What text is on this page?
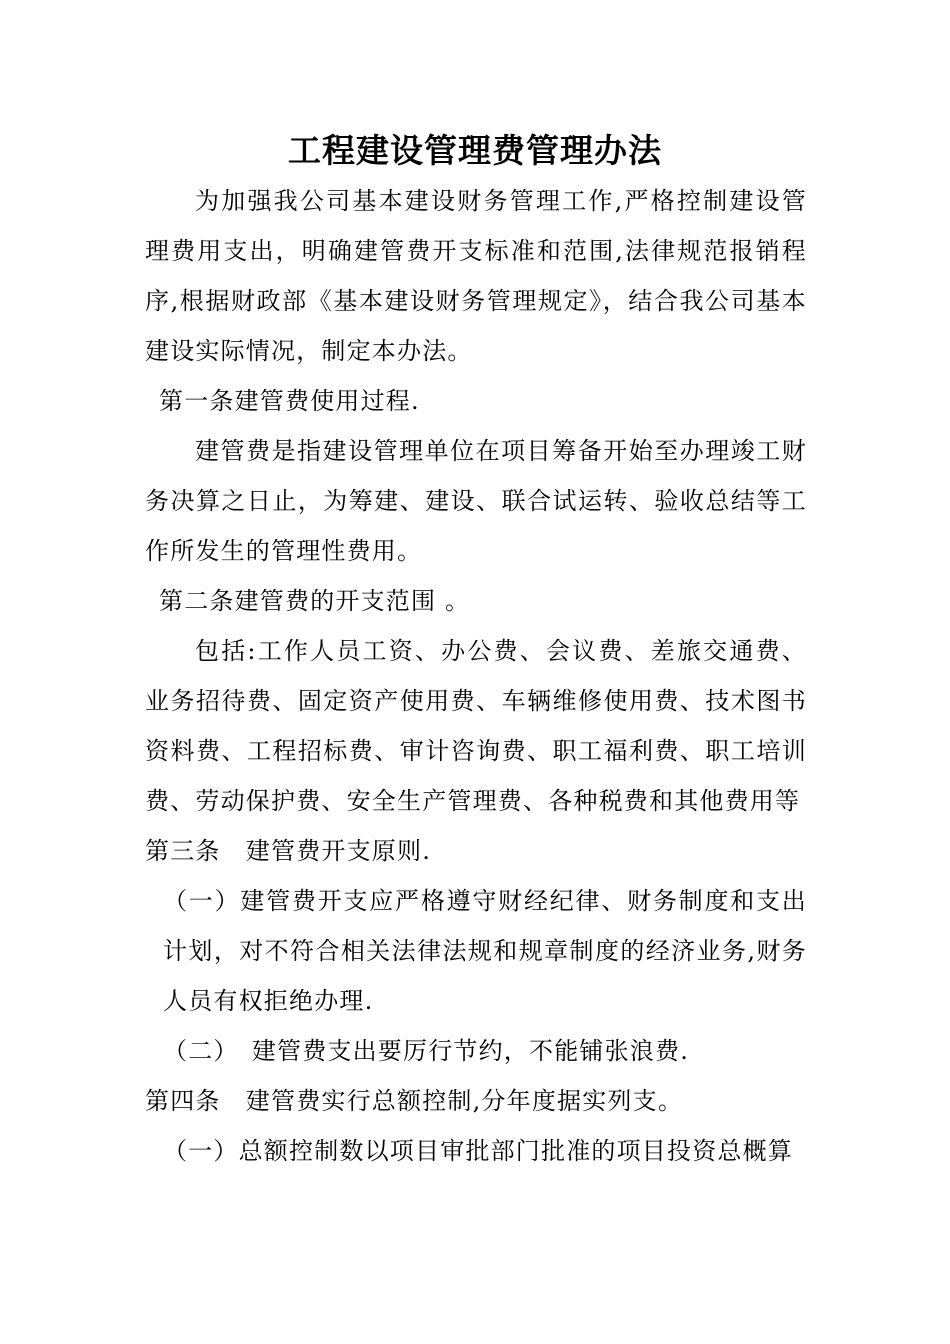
工程建设管理费管理办法

为加强我公司基本建设财务管理工作,严格控制建设管理费用支出，明确建管费开支标准和范围,法律规范报销程序,根据财政部《基本建设财务管理规定》，结合我公司基本建设实际情况，制定本办法。

第一条建管费使用过程.

建管费是指建设管理单位在项目筹备开始至办理竣工财务决算之日止，为筹建、建设、联合试运转、验收总结等工作所发生的管理性费用。

第二条建管费的开支范围 。

包括:工作人员工资、办公费、会议费、差旅交通费、业务招待费、固定资产使用费、车辆维修使用费、技术图书资料费、工程招标费、审计咨询费、职工福利费、职工培训费、劳动保护费、安全生产管理费、各种税费和其他费用等

第三条　建管费开支原则.

（一）建管费开支应严格遵守财经纪律、财务制度和支出计划，对不符合相关法律法规和规章制度的经济业务,财务人员有权拒绝办理.

（二）　建管费支出要厉行节约，不能铺张浪费.

第四条　建管费实行总额控制,分年度据实列支。

（一）总额控制数以项目审批部门批准的项目投资总概算
